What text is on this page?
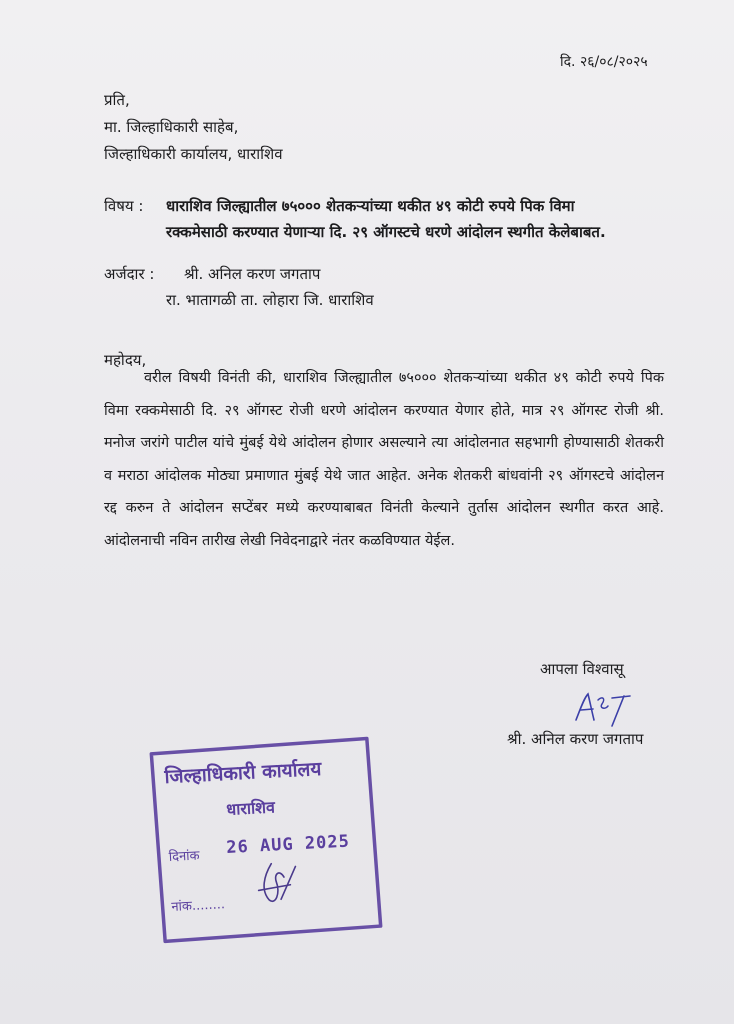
दि. २६/०८/२०२५
प्रति,
मा. जिल्हाधिकारी साहेब,
जिल्हाधिकारी कार्यालय, धाराशिव
विषय : धाराशिव जिल्ह्यातील ७५००० शेतकऱ्यांच्या थकीत ४९ कोटी रुपये पिक विमा
रक्कमेसाठी करण्यात येणाऱ्या दि. २९ ऑगस्टचे धरणे आंदोलन स्थगीत केलेबाबत.
अर्जदार : श्री. अनिल करण जगताप
रा. भातागळी ता. लोहारा जि. धाराशिव
महोदय,
वरील विषयी विनंती की, धाराशिव जिल्ह्यातील ७५००० शेतकऱ्यांच्या थकीत ४९ कोटी रुपये पिक विमा रक्कमेसाठी दि. २९ ऑगस्ट रोजी धरणे आंदोलन करण्यात येणार होते, मात्र २९ ऑगस्ट रोजी श्री. मनोज जरांगे पाटील यांचे मुंबई येथे आंदोलन होणार असल्याने त्या आंदोलनात सहभागी होण्यासाठी शेतकरी व मराठा आंदोलक मोठ्या प्रमाणात मुंबई येथे जात आहेत. अनेक शेतकरी बांधवांनी २९ ऑगस्टचे आंदोलन रद्द करुन ते आंदोलन सप्टेंबर मध्ये करण्याबाबत विनंती केल्याने तुर्तास आंदोलन स्थगीत करत आहे. आंदोलनाची नविन तारीख लेखी निवेदनाद्वारे नंतर कळविण्यात येईल.
आपला विश्वासू
श्री. अनिल करण जगताप
जिल्हाधिकारी कार्यालय
धाराशिव
दिनांक 26 AUG 2025
नांक........
